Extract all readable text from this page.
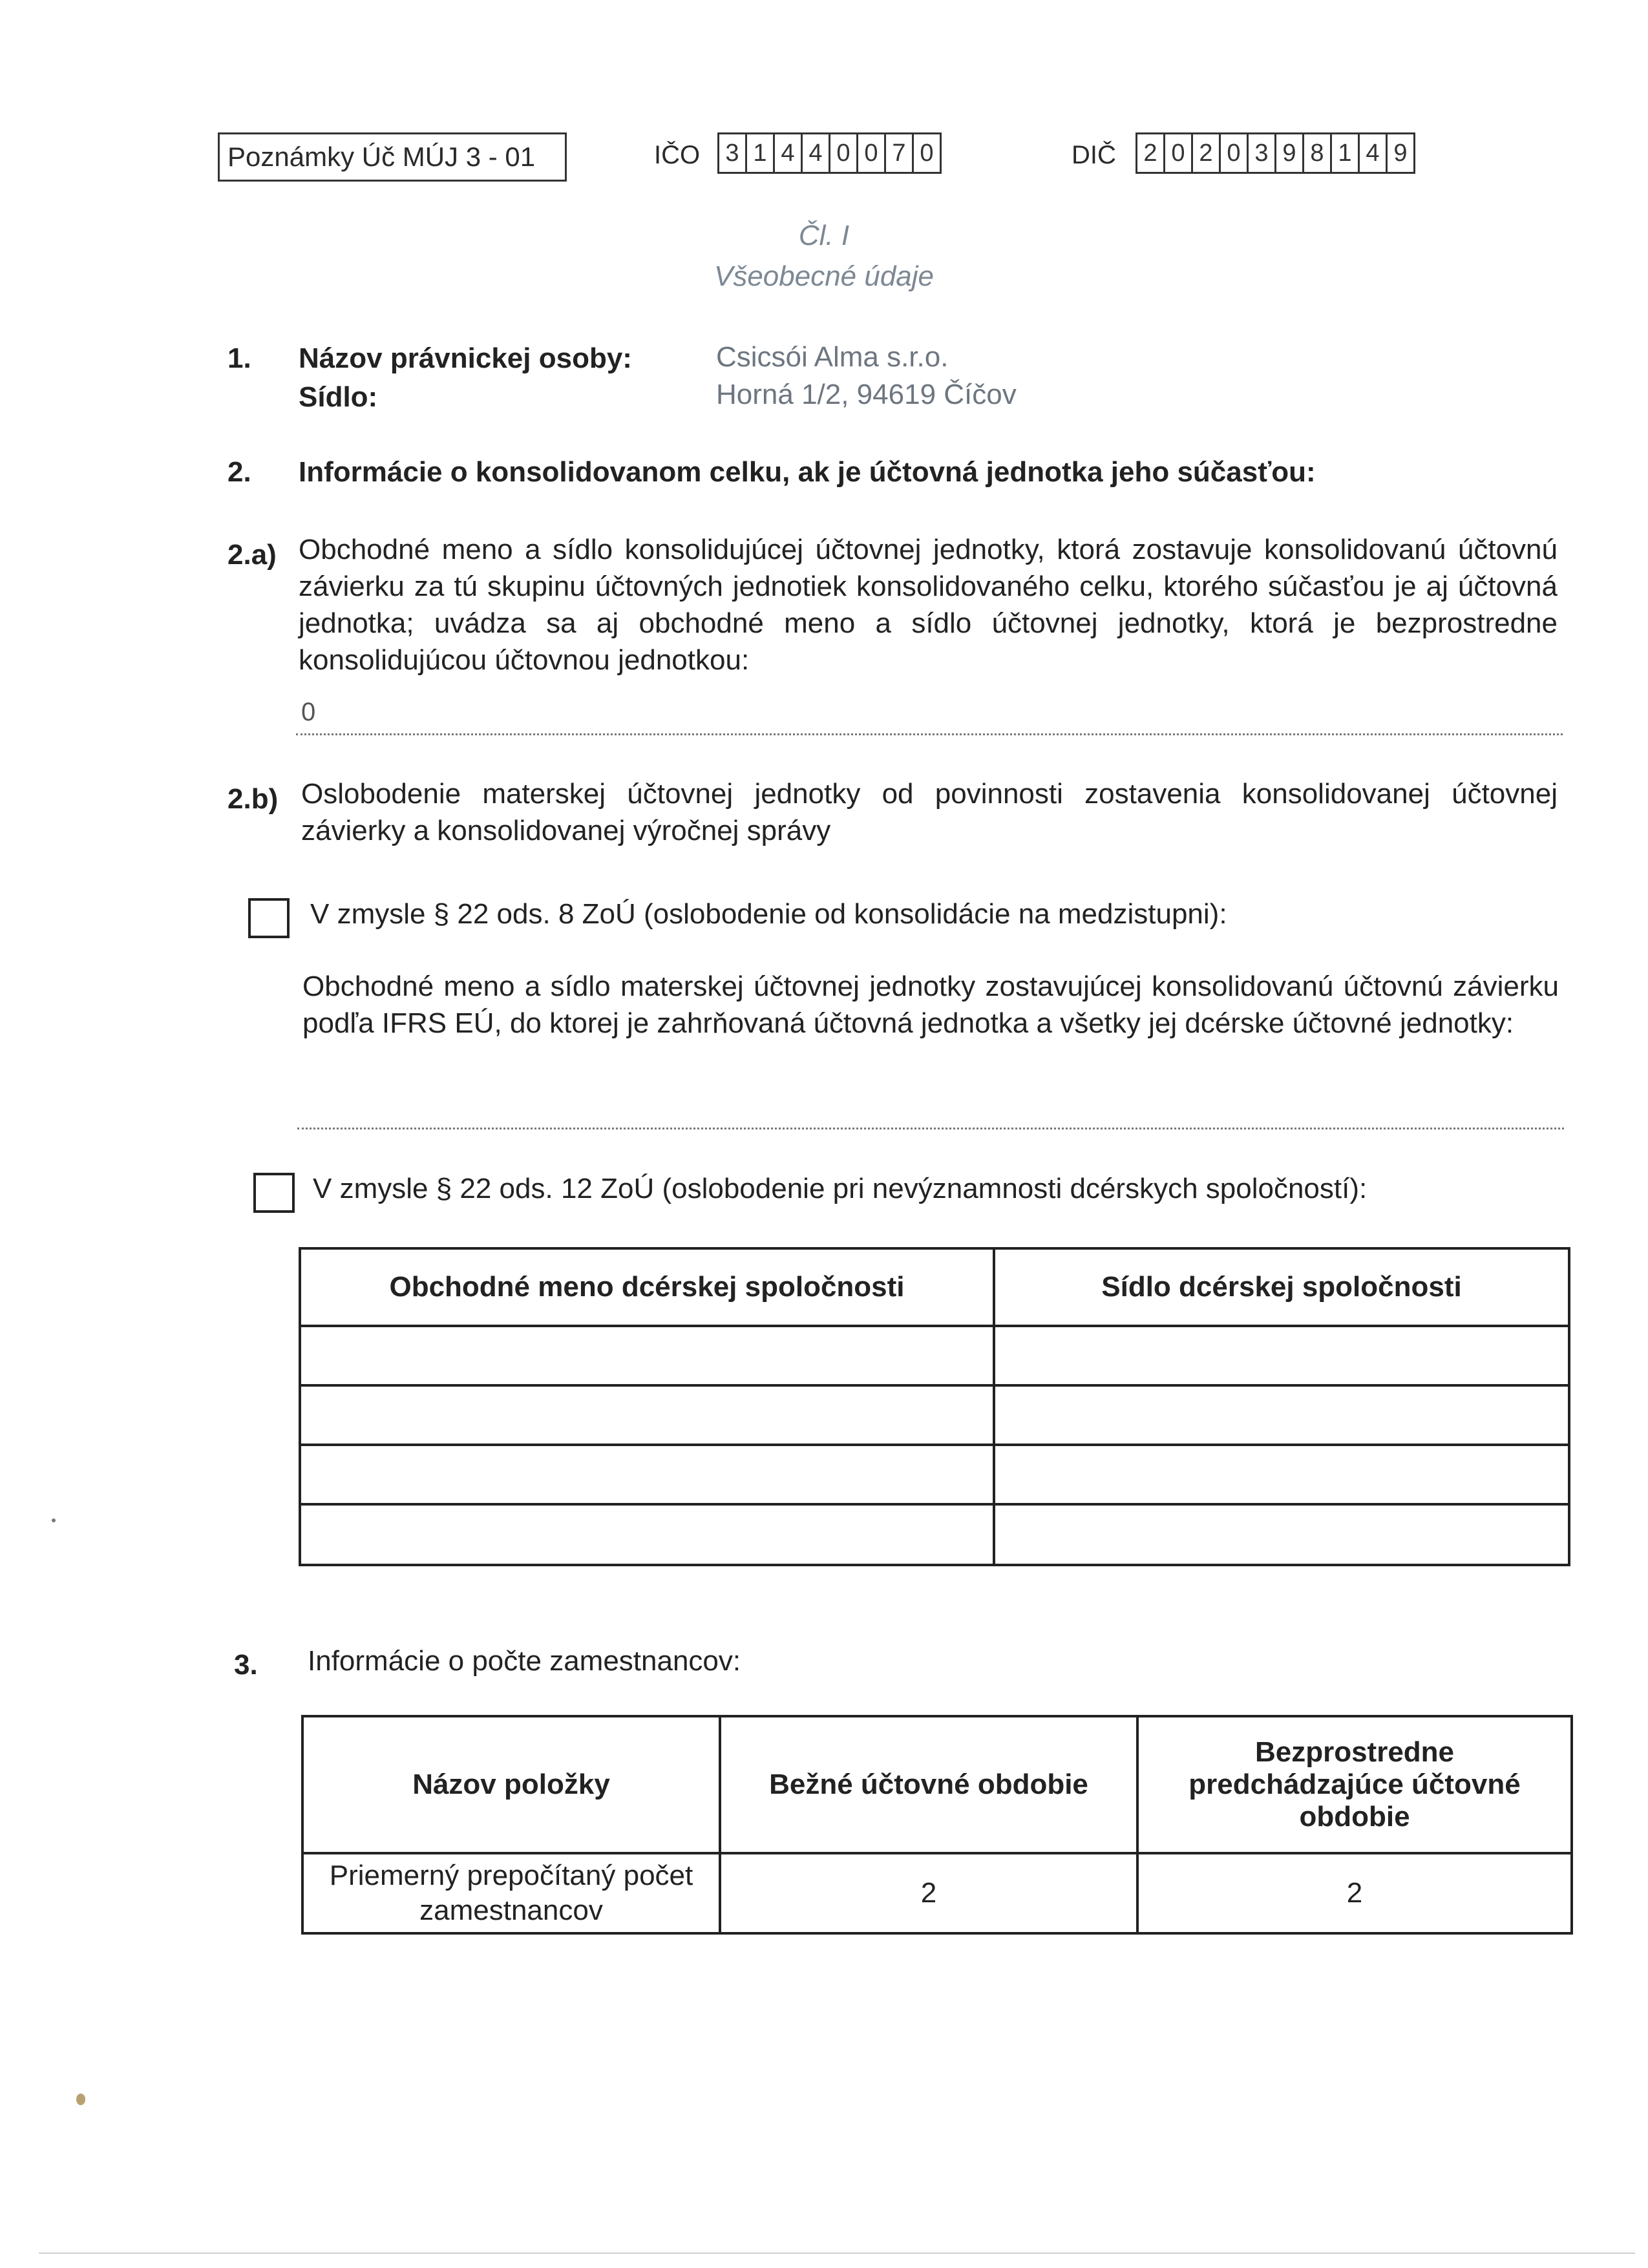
Poznámky Úč MÚJ 3 - 01	IČO	3 1 4 4 0 0 7 0	DIČ	2 0 2 0 3 9 8 1 4 9
Čl. I
Všeobecné údaje
1. Názov právnickej osoby:	Csicsói Alma s.r.o.
Sídlo:	Horná 1/2, 94619 Číčov
2. Informácie o konsolidovanom celku, ak je účtovná jednotka jeho súčasťou:
2.a) Obchodné meno a sídlo konsolidujúcej účtovnej jednotky, ktorá zostavuje konsolidovanú účtovnú závierku za tú skupinu účtovných jednotiek konsolidovaného celku, ktorého súčasťou je aj účtovná jednotka; uvádza sa aj obchodné meno a sídlo účtovnej jednotky, ktorá je bezprostredne konsolidujúcou účtovnou jednotkou:
0
2.b) Oslobodenie materskej účtovnej jednotky od povinnosti zostavenia konsolidovanej účtovnej závierky a konsolidovanej výročnej správy
V zmysle § 22 ods. 8 ZoÚ (oslobodenie od konsolidácie na medzistupni):
Obchodné meno a sídlo materskej účtovnej jednotky zostavujúcej konsolidovanú účtovnú závierku podľa IFRS EÚ, do ktorej je zahrňovaná účtovná jednotka a všetky jej dcérske účtovné jednotky:
V zmysle § 22 ods. 12 ZoÚ (oslobodenie pri nevýznamnosti dcérskych spoločností):
Obchodné meno dcérskej spoločnosti	Sídlo dcérskej spoločnosti

3. Informácie o počte zamestnancov:
Názov položky	Bežné účtovné obdobie	Bezprostredne predchádzajúce účtovné obdobie
Priemerný prepočítaný počet zamestnancov	2	2
